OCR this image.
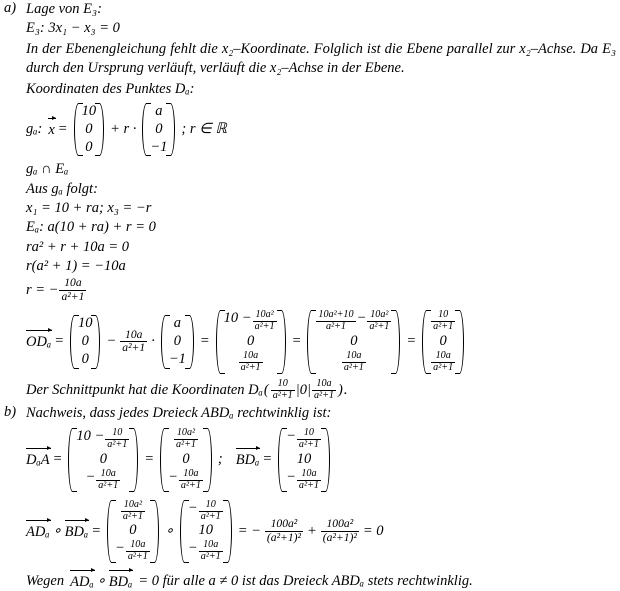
a) Lage von E₃:

E₃: 3x₁ − x₃ = 0

In der Ebenengleichung fehlt die x₂–Koordinate. Folglich ist die Ebene parallel zur x₂–Achse. Da E₃ durch den Ursprung verläuft, verläuft die x₂–Achse in der Ebene.

Koordinaten des Punktes Dₐ:

gₐ: x =
10
0
0
+ r ·
a
0
−1
; r ∈ ℝ

gₐ ∩ Eₐ

Aus gₐ folgt:

x₁ = 10 + ra; x₃ = −r

Eₐ: a(10 + ra) + r = 0

ra² + r + 10a = 0

r(a² + 1) = −10a

r = − $\frac{10a}{\text{a²+1}}$
ODₐ =
10
0
0
− $\frac{10a}{\text{a²+1}}$ ·
a
0
−1
=
$10 - \frac{\text{10a²}}{\text{a²+1}}$
0
$\frac{10a}{\text{a²+1}}$
=
$\frac{\text{10a²+10}}{\text{a²+1}} - \frac{\text{10a²}}{\text{a²+1}}$
0
$\frac{10a}{\text{a²+1}}$
=
$\frac{10}{\text{a²+1}}$
0
$\frac{10a}{\text{a²+1}}$
Der Schnittpunkt hat die Koordinaten Dₐ ( $\frac{10}{\text{a²+1}} |0| \frac{10a}{\text{a²+1}}$ ) .
b) Nachweis, dass jedes Dreieck ABDₐ rechtwinklig ist:

DₐA =
$10 - \frac{10}{\text{a²+1}}$
0
− $\frac{10a}{\text{a²+1}}$
=
$\frac{\text{10a²}}{\text{a²+1}}$
0
− $\frac{10a}{\text{a²+1}}$
; BDₐ =
− $\frac{10}{\text{a²+1}}$
10
− $\frac{10a}{\text{a²+1}}$
ADₐ ∘ BDₐ =
$\frac{\text{10a²}}{\text{a²+1}}$
0
− $\frac{10a}{\text{a²+1}}$
∘
− $\frac{10}{\text{a²+1}}$
10
− $\frac{10a}{\text{a²+1}}$
= − $\frac{\text{100a²}}{\text{(a²+1)²}} + \frac{\text{100a²}}{\text{(a²+1)²}} = 0$
Wegen ADₐ ∘ BDₐ = 0 für alle a ≠ 0 ist das Dreieck ABDₐ stets rechtwinklig.
